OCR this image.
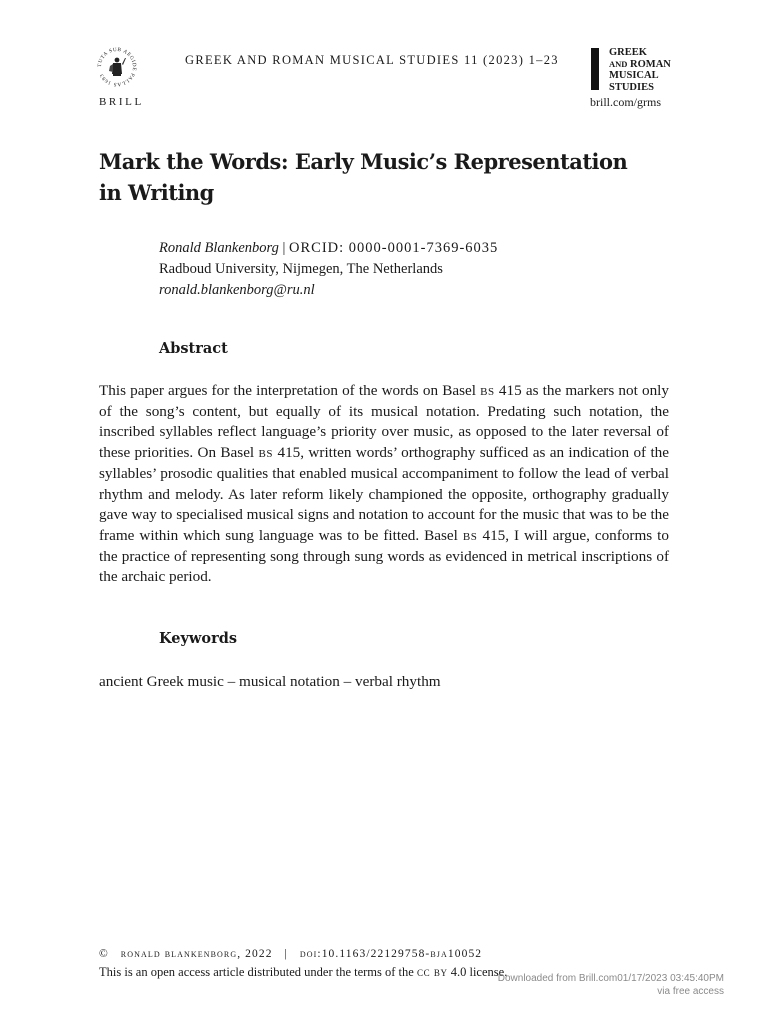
TUTA SUB AEGIDE PALLAS 1683
BRILL
GREEK AND ROMAN MUSICAL STUDIES 11 (2023) 1–23
GREEK
AND ROMAN
MUSICAL
STUDIES
brill.com/grms
Mark the Words: Early Music’s Representation
in Writing
Ronald Blankenborg | ORCID: 0000-0001-7369-6035
Radboud University, Nijmegen, The Netherlands
ronald.blankenborg@ru.nl
Abstract
This paper argues for the interpretation of the words on Basel bs 415 as the markers not only of the song’s content, but equally of its musical notation. Predating such notation, the inscribed syllables reflect language’s priority over music, as opposed to the later reversal of these priorities. On Basel bs 415, written words’ orthography sufficed as an indication of the syllables’ prosodic qualities that enabled musical accompaniment to follow the lead of verbal rhythm and melody. As later reform likely championed the opposite, orthography gradually gave way to specialised musical signs and notation to account for the music that was to be the frame within which sung language was to be fitted. Basel bs 415, I will argue, conforms to the practice of representing song through sung words as evidenced in metrical inscriptions of the archaic period.
Keywords
ancient Greek music – musical notation – verbal rhythm
© ronald blankenborg, 2022 | doi:10.1163/22129758-bja10052
This is an open access article distributed under the terms of the cc by 4.0 license.
Downloaded from Brill.com01/17/2023 03:45:40PM
via free access
